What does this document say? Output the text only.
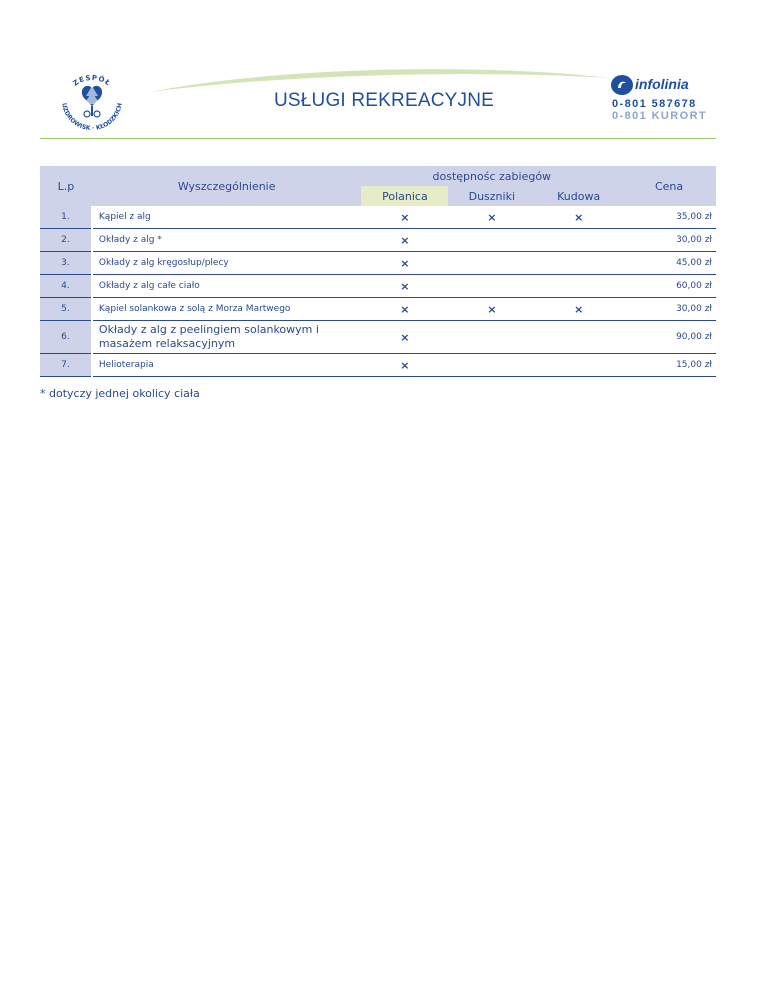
ZESPÓŁ
UZDROWISK · KŁODZKICH	USŁUGI REKREACYJNE
infolinia
0-801 587678
0-801 KURORT
L.p	Wyszczególnienie	dostępnośc zabiegów			Cena
		Polanica	Duszniki	Kudowa	
1.	Kąpiel z alg	×	×	×	35,00 zł
2.	Okłady z alg *	×			30,00 zł
3.	Okłady z alg kręgosłup/plecy	×			45,00 zł
4.	Okłady z alg całe ciało	×			60,00 zł
5.	Kąpiel solankowa z solą z Morza Martwego	×	×	×	30,00 zł
6.	Okłady z alg z peelingiem solankowym i masażem relaksacyjnym	×			90,00 zł
7.	Helioterapia	×			15,00 zł
* dotyczy jednej okolicy ciała
